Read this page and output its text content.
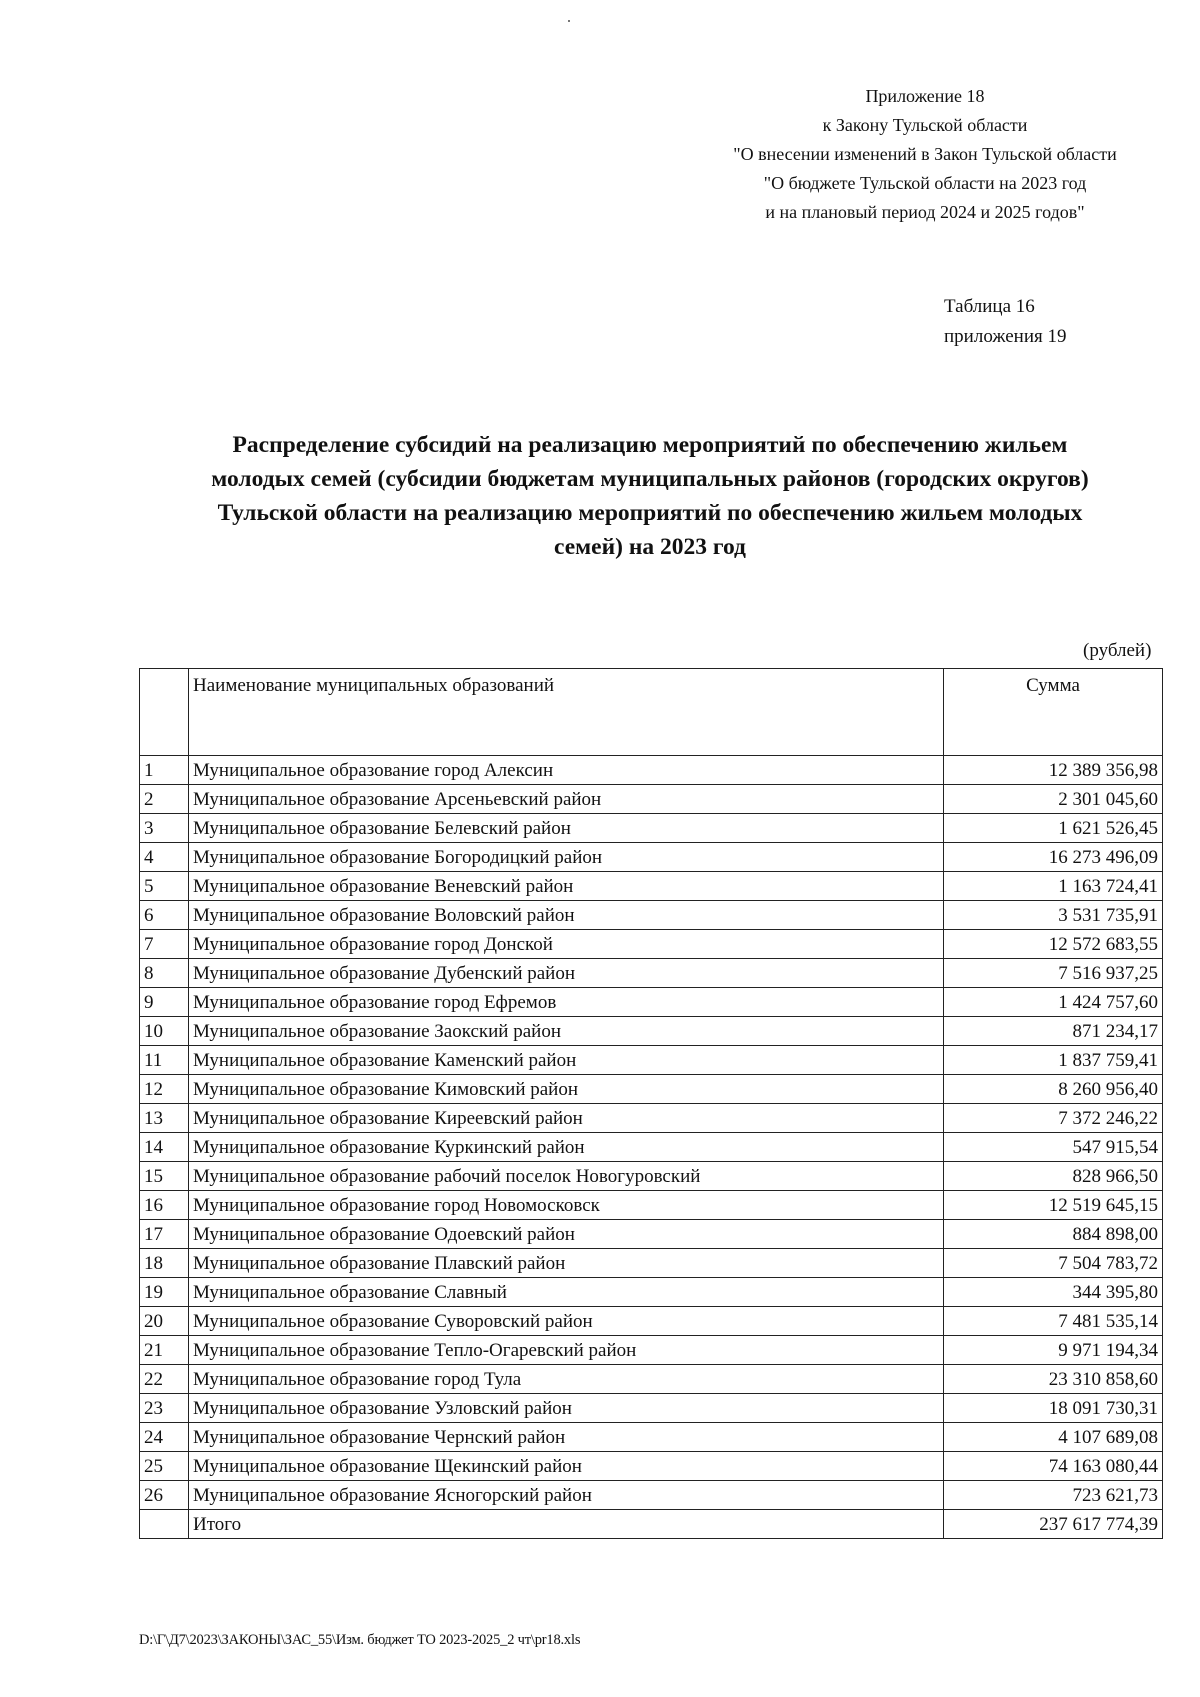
Приложение 18
к Закону Тульской области
"О внесении изменений в Закон Тульской области
"О бюджете Тульской области на 2023 год
и на плановый период 2024 и 2025 годов"
Таблица 16
приложения 19
Распределение субсидий на реализацию мероприятий по обеспечению жильем
молодых семей (субсидии бюджетам муниципальных районов (городских округов)
Тульской области на реализацию мероприятий по обеспечению жильем молодых
семей) на 2023 год
(рублей)
	Наименование муниципальных образований	Сумма
1	Муниципальное образование город Алексин	12 389 356,98
2	Муниципальное образование Арсеньевский район	2 301 045,60
3	Муниципальное образование Белевский район	1 621 526,45
4	Муниципальное образование Богородицкий район	16 273 496,09
5	Муниципальное образование Веневский район	1 163 724,41
6	Муниципальное образование Воловский район	3 531 735,91
7	Муниципальное образование город Донской	12 572 683,55
8	Муниципальное образование Дубенский район	7 516 937,25
9	Муниципальное образование город Ефремов	1 424 757,60
10	Муниципальное образование Заокский район	871 234,17
11	Муниципальное образование Каменский район	1 837 759,41
12	Муниципальное образование Кимовский район	8 260 956,40
13	Муниципальное образование Киреевский район	7 372 246,22
14	Муниципальное образование Куркинский район	547 915,54
15	Муниципальное образование рабочий поселок Новогуровский	828 966,50
16	Муниципальное образование город Новомосковск	12 519 645,15
17	Муниципальное образование Одоевский район	884 898,00
18	Муниципальное образование Плавский район	7 504 783,72
19	Муниципальное образование Славный	344 395,80
20	Муниципальное образование Суворовский район	7 481 535,14
21	Муниципальное образование Тепло-Огаревский район	9 971 194,34
22	Муниципальное образование город Тула	23 310 858,60
23	Муниципальное образование Узловский район	18 091 730,31
24	Муниципальное образование Чернский район	4 107 689,08
25	Муниципальное образование Щекинский район	74 163 080,44
26	Муниципальное образование Ясногорский район	723 621,73
	Итого	237 617 774,39
D:\Г\Д7\2023\ЗАКОНЫ\ЗАС_55\Изм. бюджет ТО 2023-2025_2 чт\pr18.xls
